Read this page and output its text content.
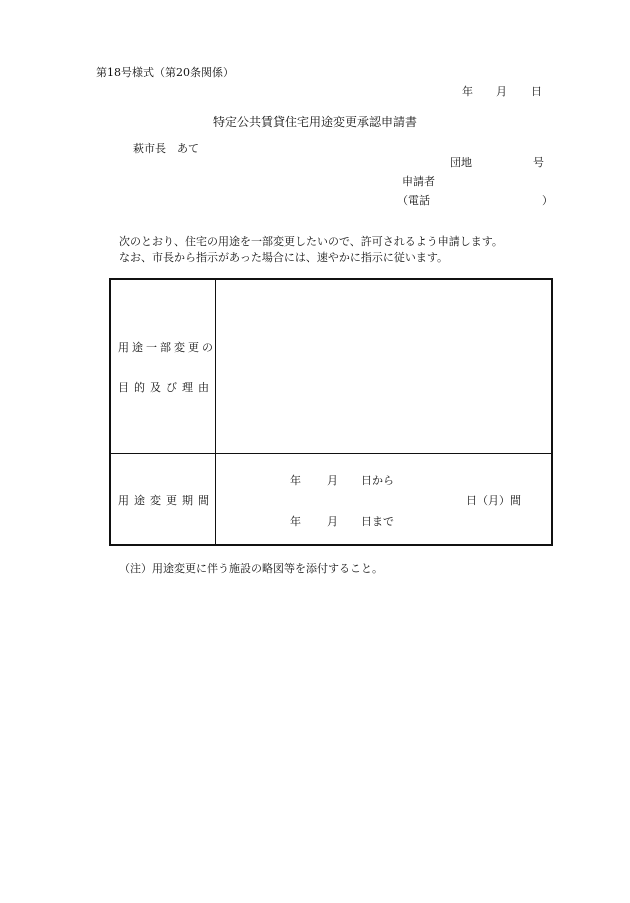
第18号様式（第20条関係）
年 月 日
特定公共賃貸住宅用途変更承認申請書
萩市長　あて
団地	号
申請者
（電話	）
次のとおり、住宅の用途を一部変更したいので、許可されるよう申請します。
なお、市長から指示があった場合には、速やかに指示に従います。
用途一部変更の
目的及び理由
用途変更期間
年 月 日から
年 月 日まで
日（月）間
（注）用途変更に伴う施設の略図等を添付すること。
